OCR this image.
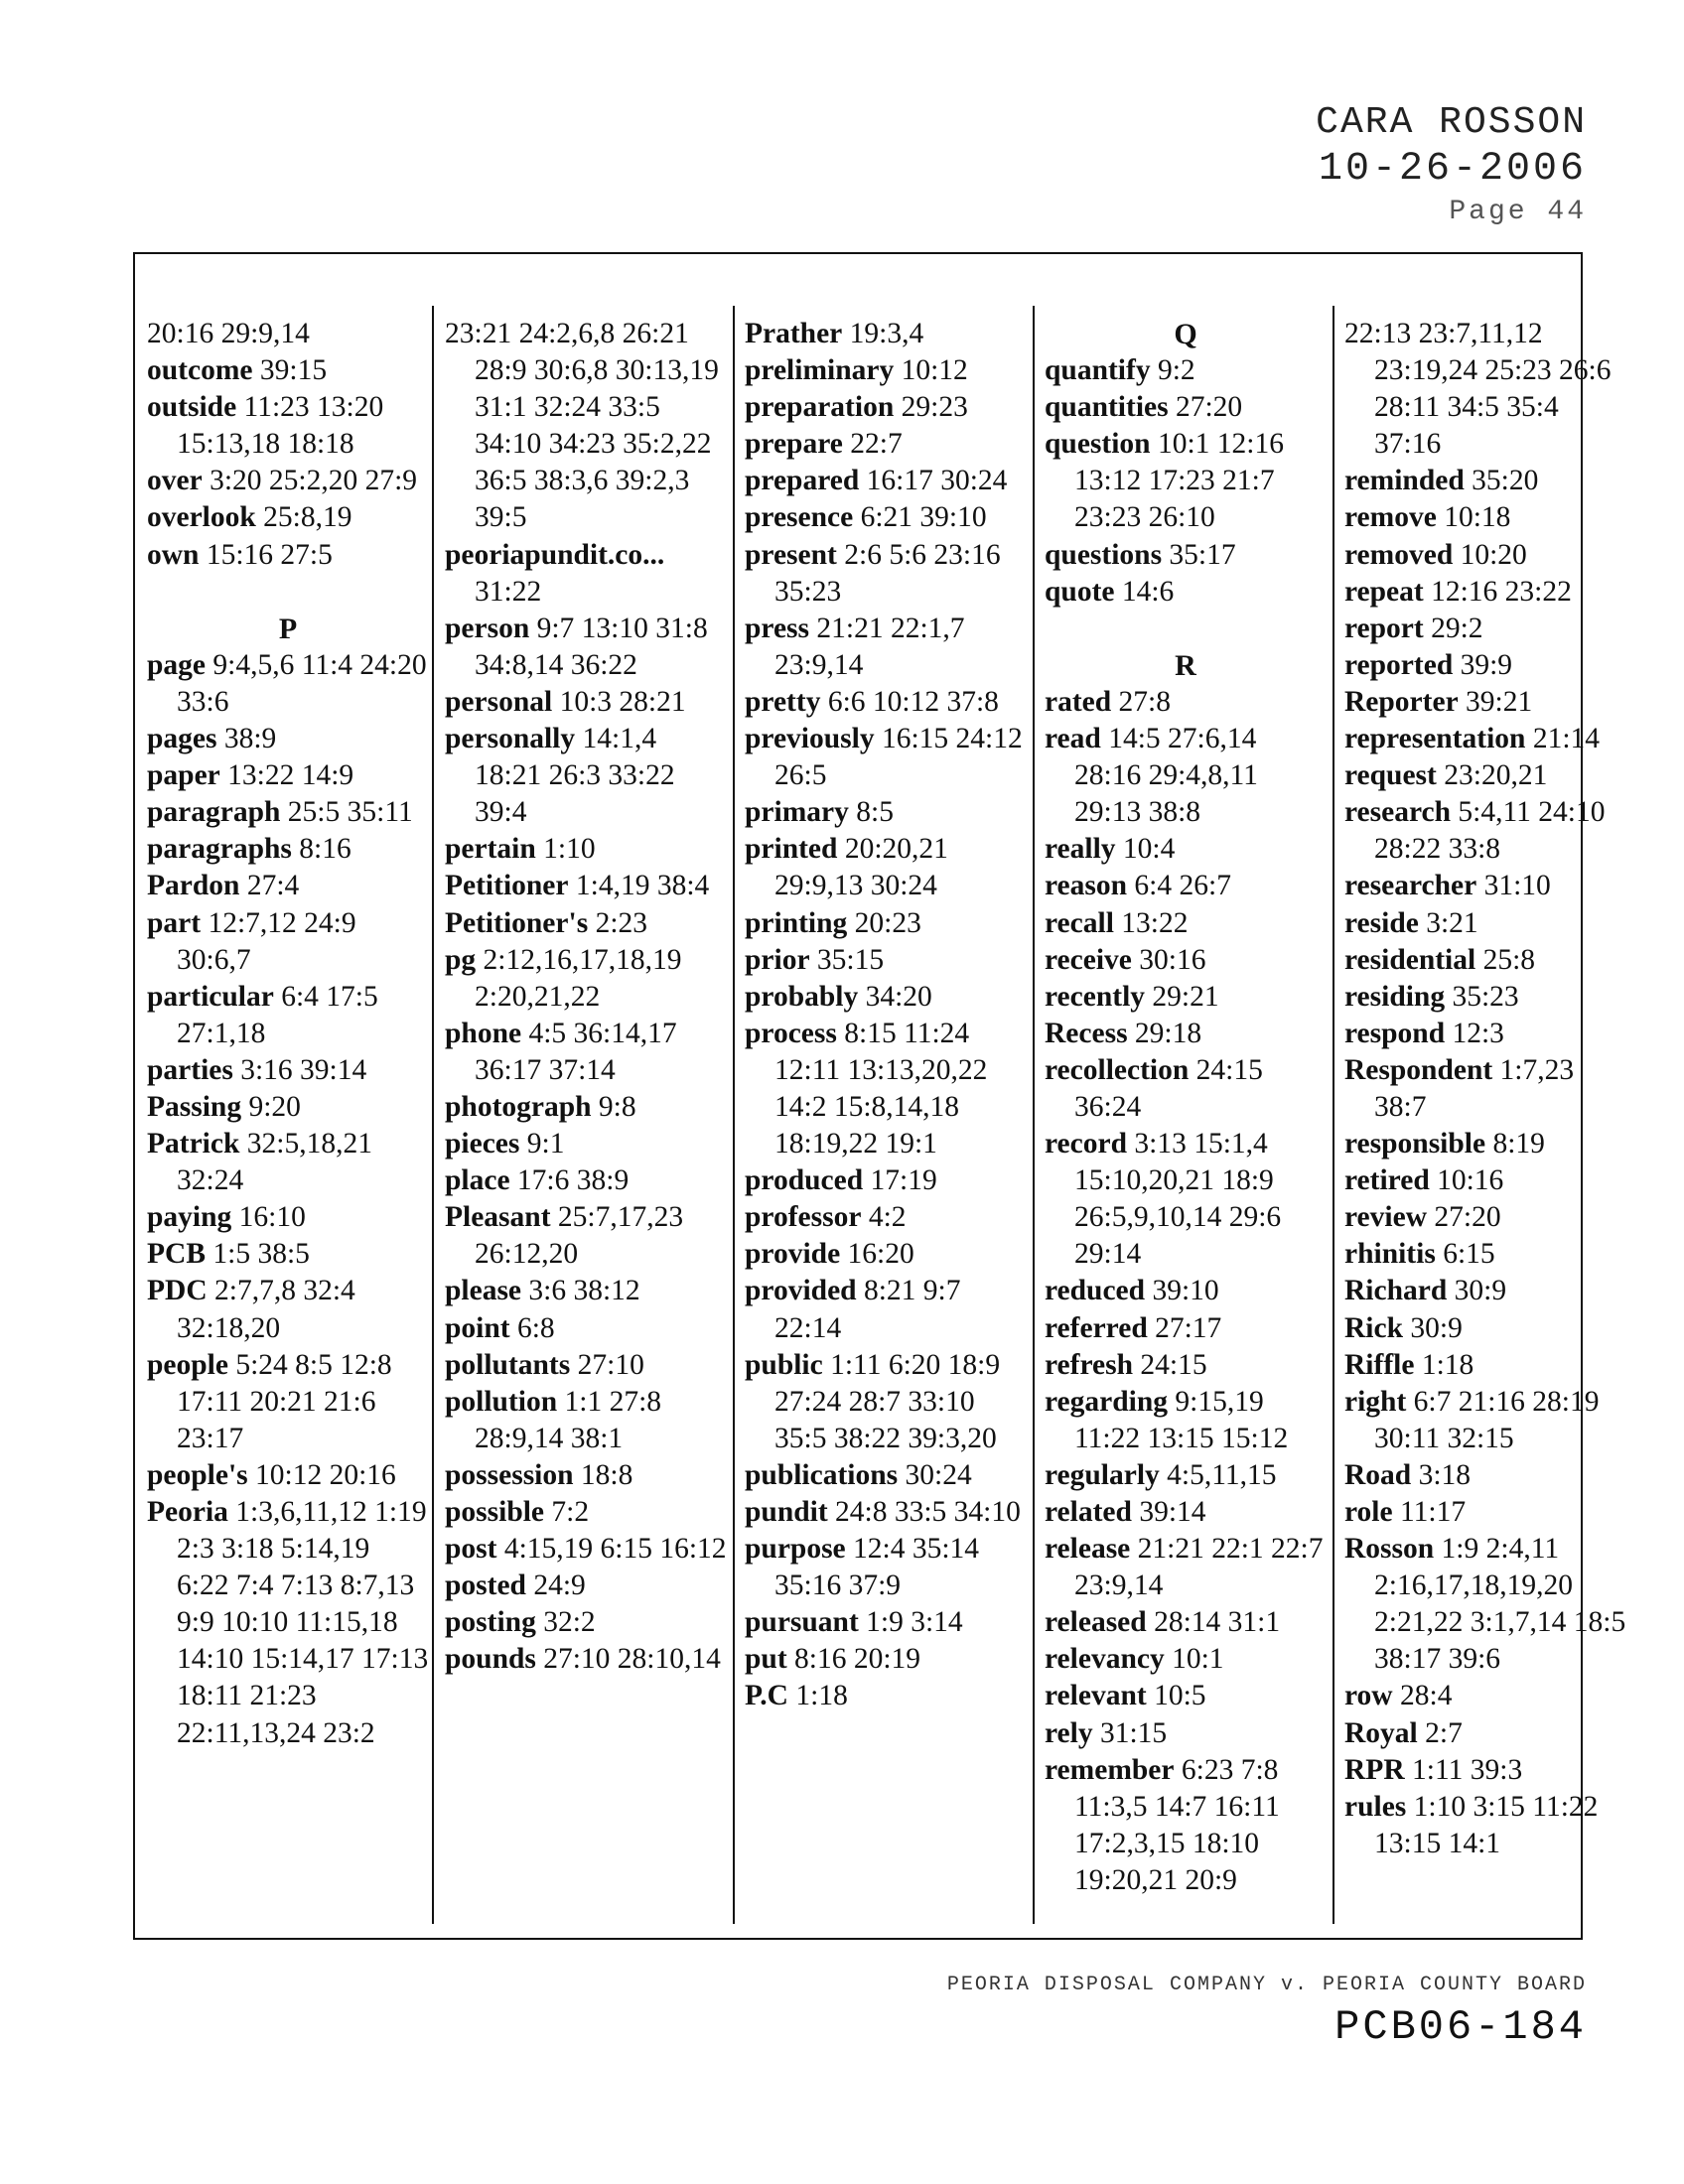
CARA ROSSON
10-26-2006
Page 44
20:16 29:9,14
outcome 39:15
outside 11:23 13:20 15:13,18 18:18
over 3:20 25:2,20 27:9
overlook 25:8,19
own 15:16 27:5

P
page 9:4,5,6 11:4 24:20 33:6
pages 38:9
paper 13:22 14:9
paragraph 25:5 35:11
paragraphs 8:16
Pardon 27:4
part 12:7,12 24:9 30:6,7
particular 6:4 17:5 27:1,18
parties 3:16 39:14
Passing 9:20
Patrick 32:5,18,21 32:24
paying 16:10
PCB 1:5 38:5
PDC 2:7,7,8 32:4 32:18,20
people 5:24 8:5 12:8 17:11 20:21 21:6 23:17
people's 10:12 20:16
Peoria 1:3,6,11,12 1:19 2:3 3:18 5:14,19 6:22 7:4 7:13 8:7,13 9:9 10:10 11:15,18 14:10 15:14,17 17:13 18:11 21:23 22:11,13,24 23:2
23:21 24:2,6,8 26:21 28:9 30:6,8 30:13,19 31:1 32:24 33:5 34:10 34:23 35:2,22 36:5 38:3,6 39:2,3 39:5
peoriapundit.co... 31:22
person 9:7 13:10 31:8 34:8,14 36:22
personal 10:3 28:21
personally 14:1,4 18:21 26:3 33:22 39:4
pertain 1:10
Petitioner 1:4,19 38:4
Petitioner's 2:23
pg 2:12,16,17,18,19 2:20,21,22
phone 4:5 36:14,17 36:17 37:14
photograph 9:8
pieces 9:1
place 17:6 38:9
Pleasant 25:7,17,23 26:12,20
please 3:6 38:12
point 6:8
pollutants 27:10
pollution 1:1 27:8 28:9,14 38:1
possession 18:8
possible 7:2
post 4:15,19 6:15 16:12
posted 24:9
posting 32:2
pounds 27:10 28:10,14
Prather 19:3,4
preliminary 10:12
preparation 29:23
prepare 22:7
prepared 16:17 30:24
presence 6:21 39:10
present 2:6 5:6 23:16 35:23
press 21:21 22:1,7 23:9,14
pretty 6:6 10:12 37:8
previously 16:15 24:12 26:5
primary 8:5
printed 20:20,21 29:9,13 30:24
printing 20:23
prior 35:15
probably 34:20
process 8:15 11:24 12:11 13:13,20,22 14:2 15:8,14,18 18:19,22 19:1
produced 17:19
professor 4:2
provide 16:20
provided 8:21 9:7 22:14
public 1:11 6:20 18:9 27:24 28:7 33:10 35:5 38:22 39:3,20
publications 30:24
pundit 24:8 33:5 34:10
purpose 12:4 35:14 35:16 37:9
pursuant 1:9 3:14
put 8:16 20:19
P.C 1:18
Q
quantify 9:2
quantities 27:20
question 10:1 12:16 13:12 17:23 21:7 23:23 26:10
questions 35:17
quote 14:6

R
rated 27:8
read 14:5 27:6,14 28:16 29:4,8,11 29:13 38:8
really 10:4
reason 6:4 26:7
recall 13:22
receive 30:16
recently 29:21
Recess 29:18
recollection 24:15 36:24
record 3:13 15:1,4 15:10,20,21 18:9 26:5,9,10,14 29:6 29:14
reduced 39:10
referred 27:17
refresh 24:15
regarding 9:15,19 11:22 13:15 15:12
regularly 4:5,11,15
related 39:14
release 21:21 22:1 22:7 23:9,14
released 28:14 31:1
relevancy 10:1
relevant 10:5
rely 31:15
remember 6:23 7:8 11:3,5 14:7 16:11 17:2,3,15 18:10 19:20,21 20:9
22:13 23:7,11,12 23:19,24 25:23 26:6 28:11 34:5 35:4 37:16
reminded 35:20
remove 10:18
removed 10:20
repeat 12:16 23:22
report 29:2
reported 39:9
Reporter 39:21
representation 21:14
request 23:20,21
research 5:4,11 24:10 28:22 33:8
researcher 31:10
reside 3:21
residential 25:8
residing 35:23
respond 12:3
Respondent 1:7,23 38:7
responsible 8:19
retired 10:16
review 27:20
rhinitis 6:15
Richard 30:9
Rick 30:9
Riffle 1:18
right 6:7 21:16 28:19 30:11 32:15
Road 3:18
role 11:17
Rosson 1:9 2:4,11 2:16,17,18,19,20 2:21,22 3:1,7,14 18:5 38:17 39:6
row 28:4
Royal 2:7
RPR 1:11 39:3
rules 1:10 3:15 11:22 13:15 14:1
PEORIA DISPOSAL COMPANY v. PEORIA COUNTY BOARD
PCB06-184
